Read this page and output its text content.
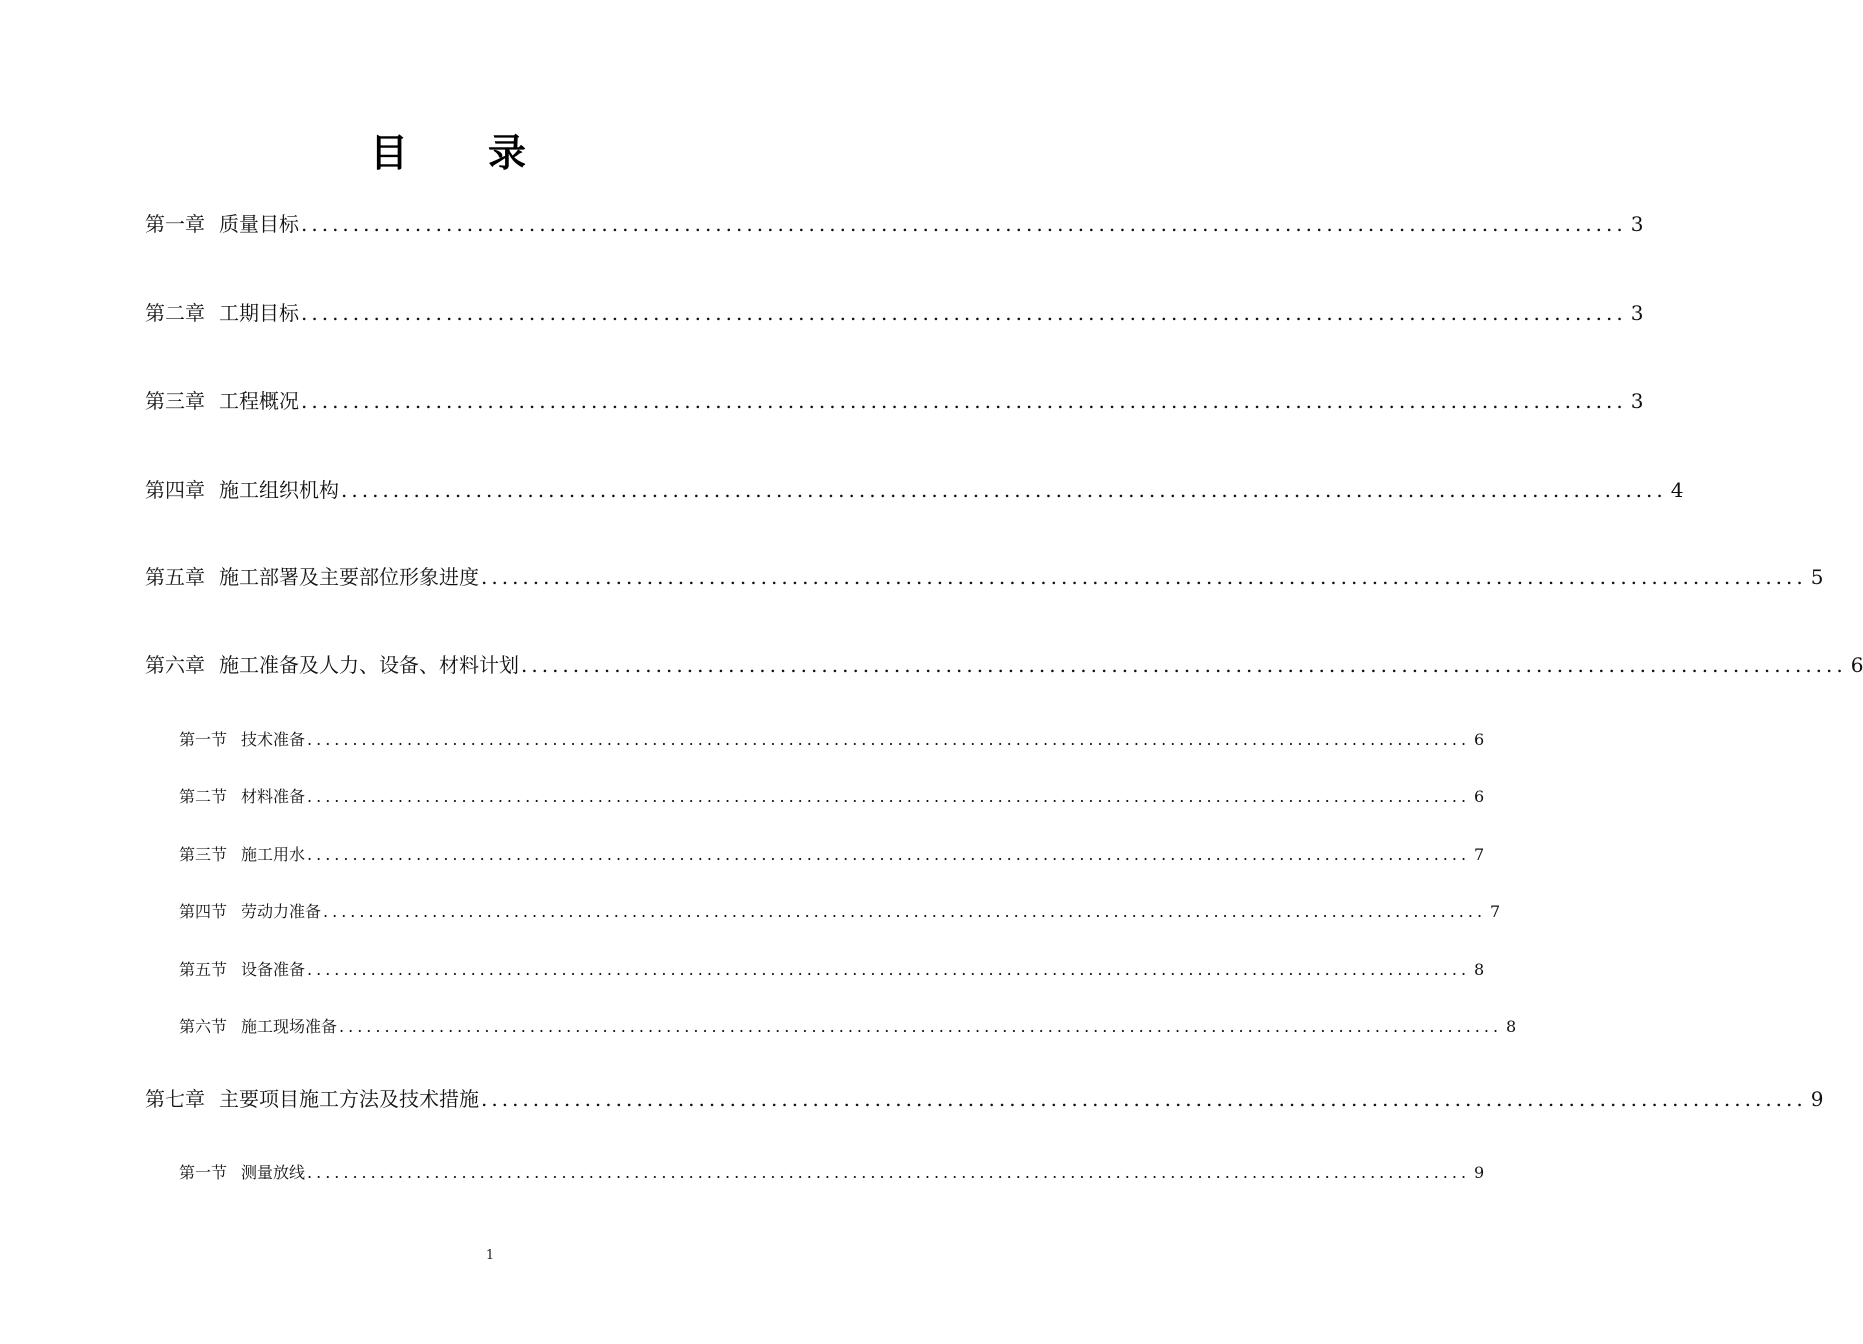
目录
第一章 质量目标 ................................................................................................................................ 3
第二章 工期目标 ................................................................................................................................ 3
第三章 工程概况 ................................................................................................................................ 3
第四章 施工组织机构 ................................................................................................................................ 4
第五章 施工部署及主要部位形象进度 ................................................................................................................................ 5
第六章 施工准备及人力、设备、材料计划 ................................................................................................................................ 6
第一节 技术准备 ................................................................................................................................ 6
第二节 材料准备 ................................................................................................................................ 6
第三节 施工用水 ................................................................................................................................ 7
第四节 劳动力准备 ................................................................................................................................ 7
第五节 设备准备 ................................................................................................................................ 8
第六节 施工现场准备 ................................................................................................................................ 8
第七章 主要项目施工方法及技术措施 ................................................................................................................................ 9
第一节 测量放线 ................................................................................................................................ 9
1
